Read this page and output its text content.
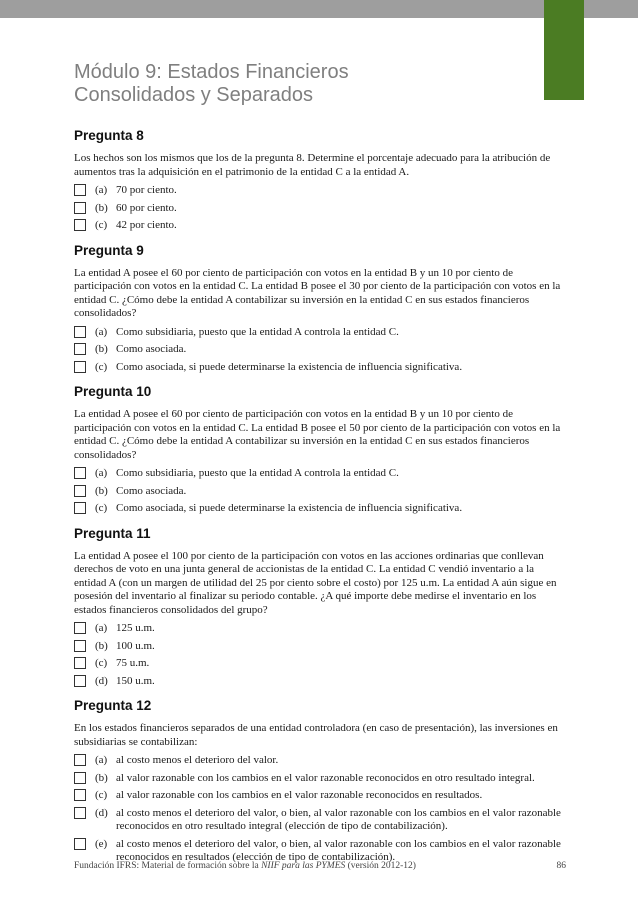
Módulo 9: Estados Financieros
Consolidados y Separados
Pregunta 8
Los hechos son los mismos que los de la pregunta 8. Determine el porcentaje adecuado para la atribución de aumentos tras la adquisición en el patrimonio de la entidad C a la entidad A.
(a) 70 por ciento.
(b) 60 por ciento.
(c) 42 por ciento.
Pregunta 9
La entidad A posee el 60 por ciento de participación con votos en la entidad B y un 10 por ciento de participación con votos en la entidad C. La entidad B posee el 30 por ciento de la participación con votos en la entidad C. ¿Cómo debe la entidad A contabilizar su inversión en la entidad C en sus estados financieros consolidados?
(a) Como subsidiaria, puesto que la entidad A controla la entidad C.
(b) Como asociada.
(c) Como asociada, si puede determinarse la existencia de influencia significativa.
Pregunta 10
La entidad A posee el 60 por ciento de participación con votos en la entidad B y un 10 por ciento de participación con votos en la entidad C. La entidad B posee el 50 por ciento de la participación con votos en la entidad C. ¿Cómo debe la entidad A contabilizar su inversión en la entidad C en sus estados financieros consolidados?
(a) Como subsidiaria, puesto que la entidad A controla la entidad C.
(b) Como asociada.
(c) Como asociada, si puede determinarse la existencia de influencia significativa.
Pregunta 11
La entidad A posee el 100 por ciento de la participación con votos en las acciones ordinarias que conllevan derechos de voto en una junta general de accionistas de la entidad C. La entidad C vendió inventario a la entidad A (con un margen de utilidad del 25 por ciento sobre el costo) por 125 u.m. La entidad A aún sigue en posesión del inventario al finalizar su periodo contable. ¿A qué importe debe medirse el inventario en los estados financieros consolidados del grupo?
(a) 125 u.m.
(b) 100 u.m.
(c) 75 u.m.
(d) 150 u.m.
Pregunta 12
En los estados financieros separados de una entidad controladora (en caso de presentación), las inversiones en subsidiarias se contabilizan:
(a) al costo menos el deterioro del valor.
(b) al valor razonable con los cambios en el valor razonable reconocidos en otro resultado integral.
(c) al valor razonable con los cambios en el valor razonable reconocidos en resultados.
(d) al costo menos el deterioro del valor, o bien, al valor razonable con los cambios en el valor razonable reconocidos en otro resultado integral (elección de tipo de contabilización).
(e) al costo menos el deterioro del valor, o bien, al valor razonable con los cambios en el valor razonable reconocidos en resultados (elección de tipo de contabilización).
Fundación IFRS: Material de formación sobre la NIIF para las PYMES (versión 2012-12)	86
